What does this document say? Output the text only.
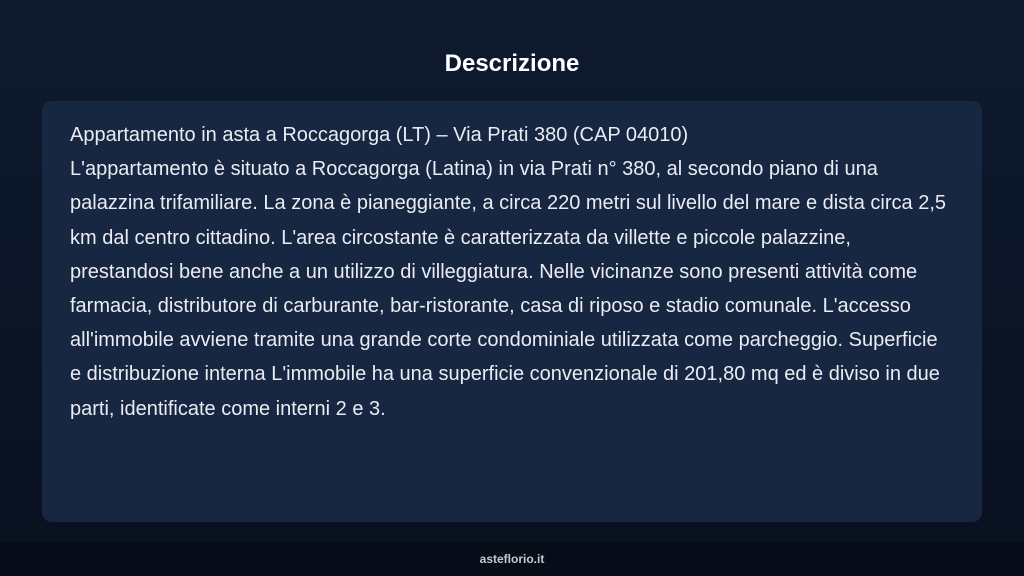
Descrizione

Appartamento in asta a Roccagorga (LT) – Via Prati 380 (CAP 04010)
L'appartamento è situato a Roccagorga (Latina) in via Prati n° 380, al secondo piano di una palazzina trifamiliare. La zona è pianeggiante, a circa 220 metri sul livello del mare e dista circa 2,5 km dal centro cittadino. L'area circostante è caratterizzata da villette e piccole palazzine, prestandosi bene anche a un utilizzo di villeggiatura. Nelle vicinanze sono presenti attività come farmacia, distributore di carburante, bar-ristorante, casa di riposo e stadio comunale. L'accesso all'immobile avviene tramite una grande corte condominiale utilizzata come parcheggio. Superficie e distribuzione interna L'immobile ha una superficie convenzionale di 201,80 mq ed è diviso in due parti, identificate come interni 2 e 3.

asteflorio.it
